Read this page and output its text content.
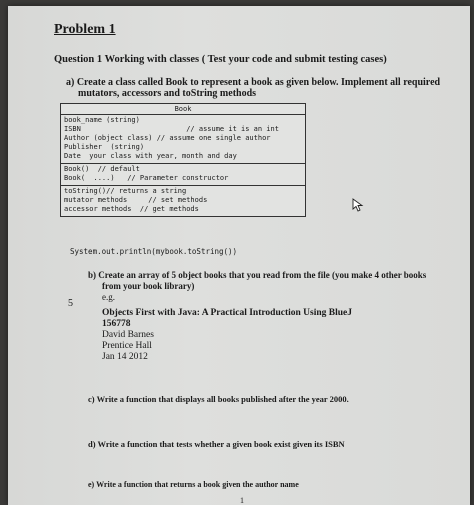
Problem 1
Question 1 Working with classes ( Test your code and submit testing cases)
a) Create a class called Book to represent a book as given below. Implement all required
mutators, accessors and toString methods
Book
book_name (string)
ISBN                         // assume it is an int
Author (object class) // assume one single author
Publisher  (string)
Date  your class with year, month and day
Book()  // default
Book(  ....)   // Parameter constructor
toString()// returns a string
mutator methods     // set methods
accessor methods  // get methods
System.out.println(mybook.toString())
b) Create an array of 5 object books that you read from the file (you make 4 other books
from your book library)
e.g.
5
Objects First with Java: A Practical Introduction Using BlueJ
156778
David Barnes
Prentice Hall
Jan 14 2012
c) Write a function that displays all books published after the year 2000.
d) Write a function that tests whether a given book exist given its ISBN
e) Write a function that returns a book given the author name
1
